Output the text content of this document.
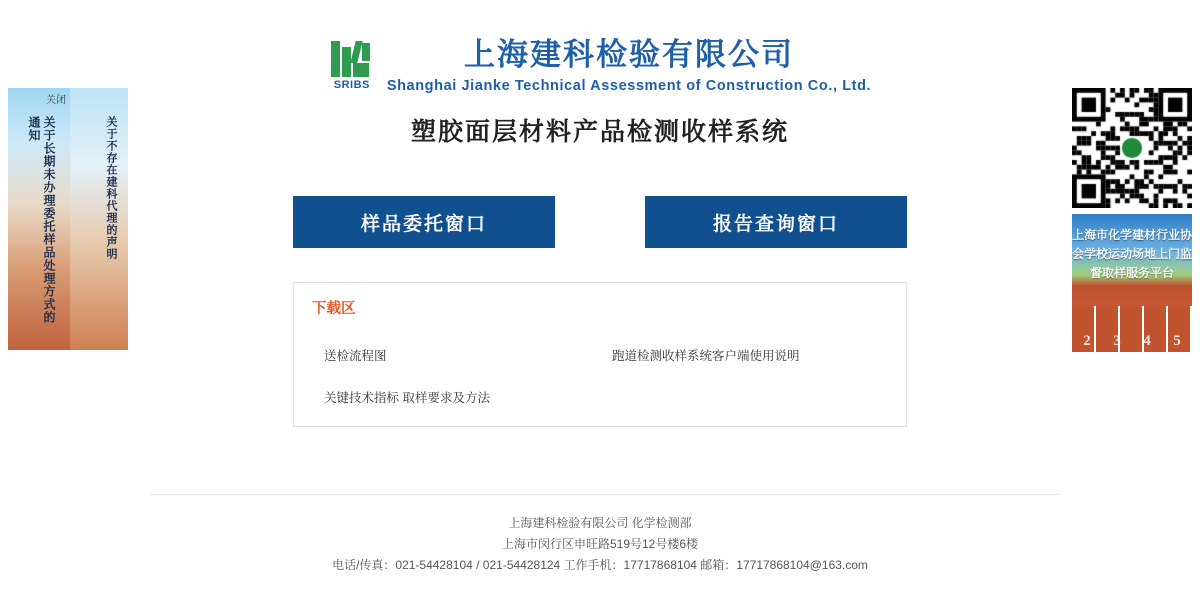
关闭
关于长期未办理委托样品处理方式的通知	关于不存在建科代理的声明	上海市化学建材行业协会学校运动场地上门监督取样服务平台
2 3 4 5
SRIBS
上海建科检验有限公司
Shanghai Jianke Technical Assessment of Construction Co., Ltd.
塑胶面层材料产品检测收样系统
样品委托窗口	报告查询窗口
下载区
送检流程图	跑道检测收样系统客户端使用说明
关键技术指标 取样要求及方法
上海建科检验有限公司 化学检测部
上海市闵行区申旺路519号12号楼6楼
电话/传真：021-54428104 / 021-54428124 工作手机：17717868104 邮箱：17717868104@163.com
